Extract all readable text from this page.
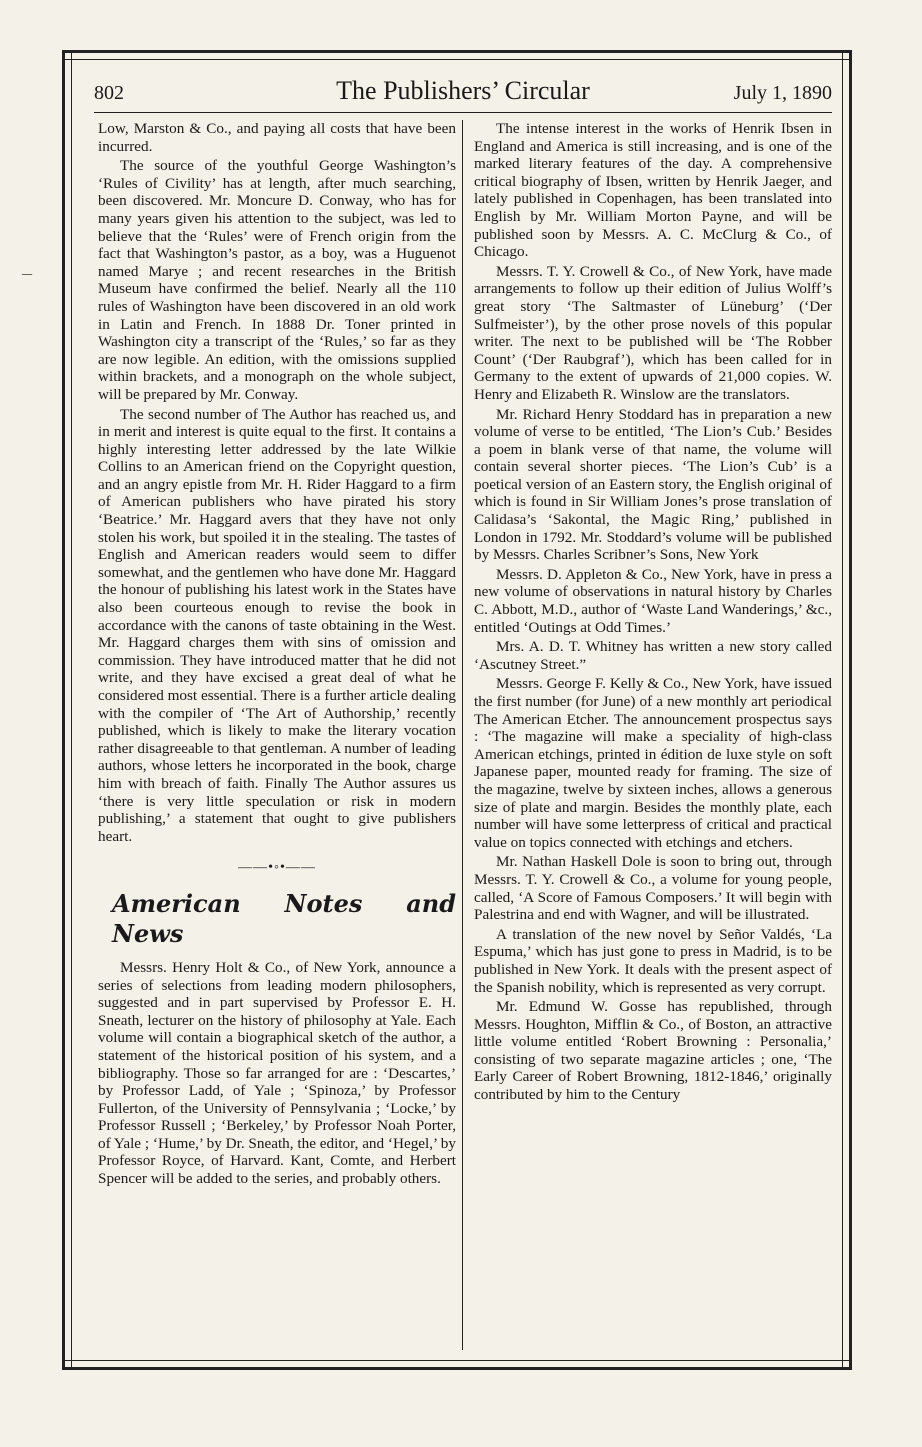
802	The Publishers’ Circular	July 1, 1890

Low, Marston & Co., and paying all costs that have been incurred.

The source of the youthful George Washington’s ‘Rules of Civility’ has at length, after much searching, been discovered. Mr. Moncure D. Conway, who has for many years given his attention to the subject, was led to believe that the ‘Rules’ were of French origin from the fact that Washington’s pastor, as a boy, was a Huguenot named Marye ; and recent researches in the British Museum have confirmed the belief. Nearly all the 110 rules of Washington have been discovered in an old work in Latin and French. In 1888 Dr. Toner printed in Washington city a transcript of the ‘Rules,’ so far as they are now legible. An edition, with the omissions supplied within brackets, and a monograph on the whole subject, will be prepared by Mr. Conway.

The second number of The Author has reached us, and in merit and interest is quite equal to the first. It contains a highly interesting letter addressed by the late Wilkie Collins to an American friend on the Copyright question, and an angry epistle from Mr. H. Rider Haggard to a firm of American publishers who have pirated his story ‘Beatrice.’ Mr. Haggard avers that they have not only stolen his work, but spoiled it in the stealing. The tastes of English and American readers would seem to differ somewhat, and the gentlemen who have done Mr. Haggard the honour of publishing his latest work in the States have also been courteous enough to revise the book in accordance with the canons of taste obtaining in the West. Mr. Haggard charges them with sins of omission and commission. They have introduced matter that he did not write, and they have excised a great deal of what he considered most essential. There is a further article dealing with the compiler of ‘The Art of Authorship,’ recently published, which is likely to make the literary vocation rather disagreeable to that gentleman. A number of leading authors, whose letters he incorporated in the book, charge him with breach of faith. Finally The Author assures us ‘there is very little speculation or risk in modern publishing,’ a statement that ought to give publishers heart.

——•◦•——
American Notes and News

Messrs. Henry Holt & Co., of New York, announce a series of selections from leading modern philosophers, suggested and in part supervised by Professor E. H. Sneath, lecturer on the history of philosophy at Yale. Each volume will contain a biographical sketch of the author, a statement of the historical position of his system, and a bibliography. Those so far arranged for are : ‘Descartes,’ by Professor Ladd, of Yale ; ‘Spinoza,’ by Professor Fullerton, of the University of Pennsylvania ; ‘Locke,’ by Professor Russell ; ‘Berkeley,’ by Professor Noah Porter, of Yale ; ‘Hume,’ by Dr. Sneath, the editor, and ‘Hegel,’ by Professor Royce, of Harvard. Kant, Comte, and Herbert Spencer will be added to the series, and probably others.

The intense interest in the works of Henrik Ibsen in England and America is still increasing, and is one of the marked literary features of the day. A comprehensive critical biography of Ibsen, written by Henrik Jaeger, and lately published in Copenhagen, has been translated into English by Mr. William Morton Payne, and will be published soon by Messrs. A. C. McClurg & Co., of Chicago.

Messrs. T. Y. Crowell & Co., of New York, have made arrangements to follow up their edition of Julius Wolff’s great story ‘The Saltmaster of Lüneburg’ (‘Der Sulfmeister’), by the other prose novels of this popular writer. The next to be published will be ‘The Robber Count’ (‘Der Raubgraf’), which has been called for in Germany to the extent of upwards of 21,000 copies. W. Henry and Elizabeth R. Winslow are the translators.

Mr. Richard Henry Stoddard has in preparation a new volume of verse to be entitled, ‘The Lion’s Cub.’ Besides a poem in blank verse of that name, the volume will contain several shorter pieces. ‘The Lion’s Cub’ is a poetical version of an Eastern story, the English original of which is found in Sir William Jones’s prose translation of Calidasa’s ‘Sakontal, the Magic Ring,’ published in London in 1792. Mr. Stoddard’s volume will be published by Messrs. Charles Scribner’s Sons, New York

Messrs. D. Appleton & Co., New York, have in press a new volume of observations in natural history by Charles C. Abbott, M.D., author of ‘Waste Land Wanderings,’ &c., entitled ‘Outings at Odd Times.’

Mrs. A. D. T. Whitney has written a new story called ‘Ascutney Street.”

Messrs. George F. Kelly & Co., New York, have issued the first number (for June) of a new monthly art periodical The American Etcher. The announcement prospectus says : ‘The magazine will make a speciality of high-class American etchings, printed in édition de luxe style on soft Japanese paper, mounted ready for framing. The size of the magazine, twelve by sixteen inches, allows a generous size of plate and margin. Besides the monthly plate, each number will have some letterpress of critical and practical value on topics connected with etchings and etchers.

Mr. Nathan Haskell Dole is soon to bring out, through Messrs. T. Y. Crowell & Co., a volume for young people, called, ‘A Score of Famous Composers.’ It will begin with Palestrina and end with Wagner, and will be illustrated.

A translation of the new novel by Señor Valdés, ‘La Espuma,’ which has just gone to press in Madrid, is to be published in New York. It deals with the present aspect of the Spanish nobility, which is represented as very corrupt.

Mr. Edmund W. Gosse has republished, through Messrs. Houghton, Mifflin & Co., of Boston, an attractive little volume entitled ‘Robert Browning : Personalia,’ consisting of two separate magazine articles ; one, ‘The Early Career of Robert Browning, 1812-1846,’ originally contributed by him to the Century

–
